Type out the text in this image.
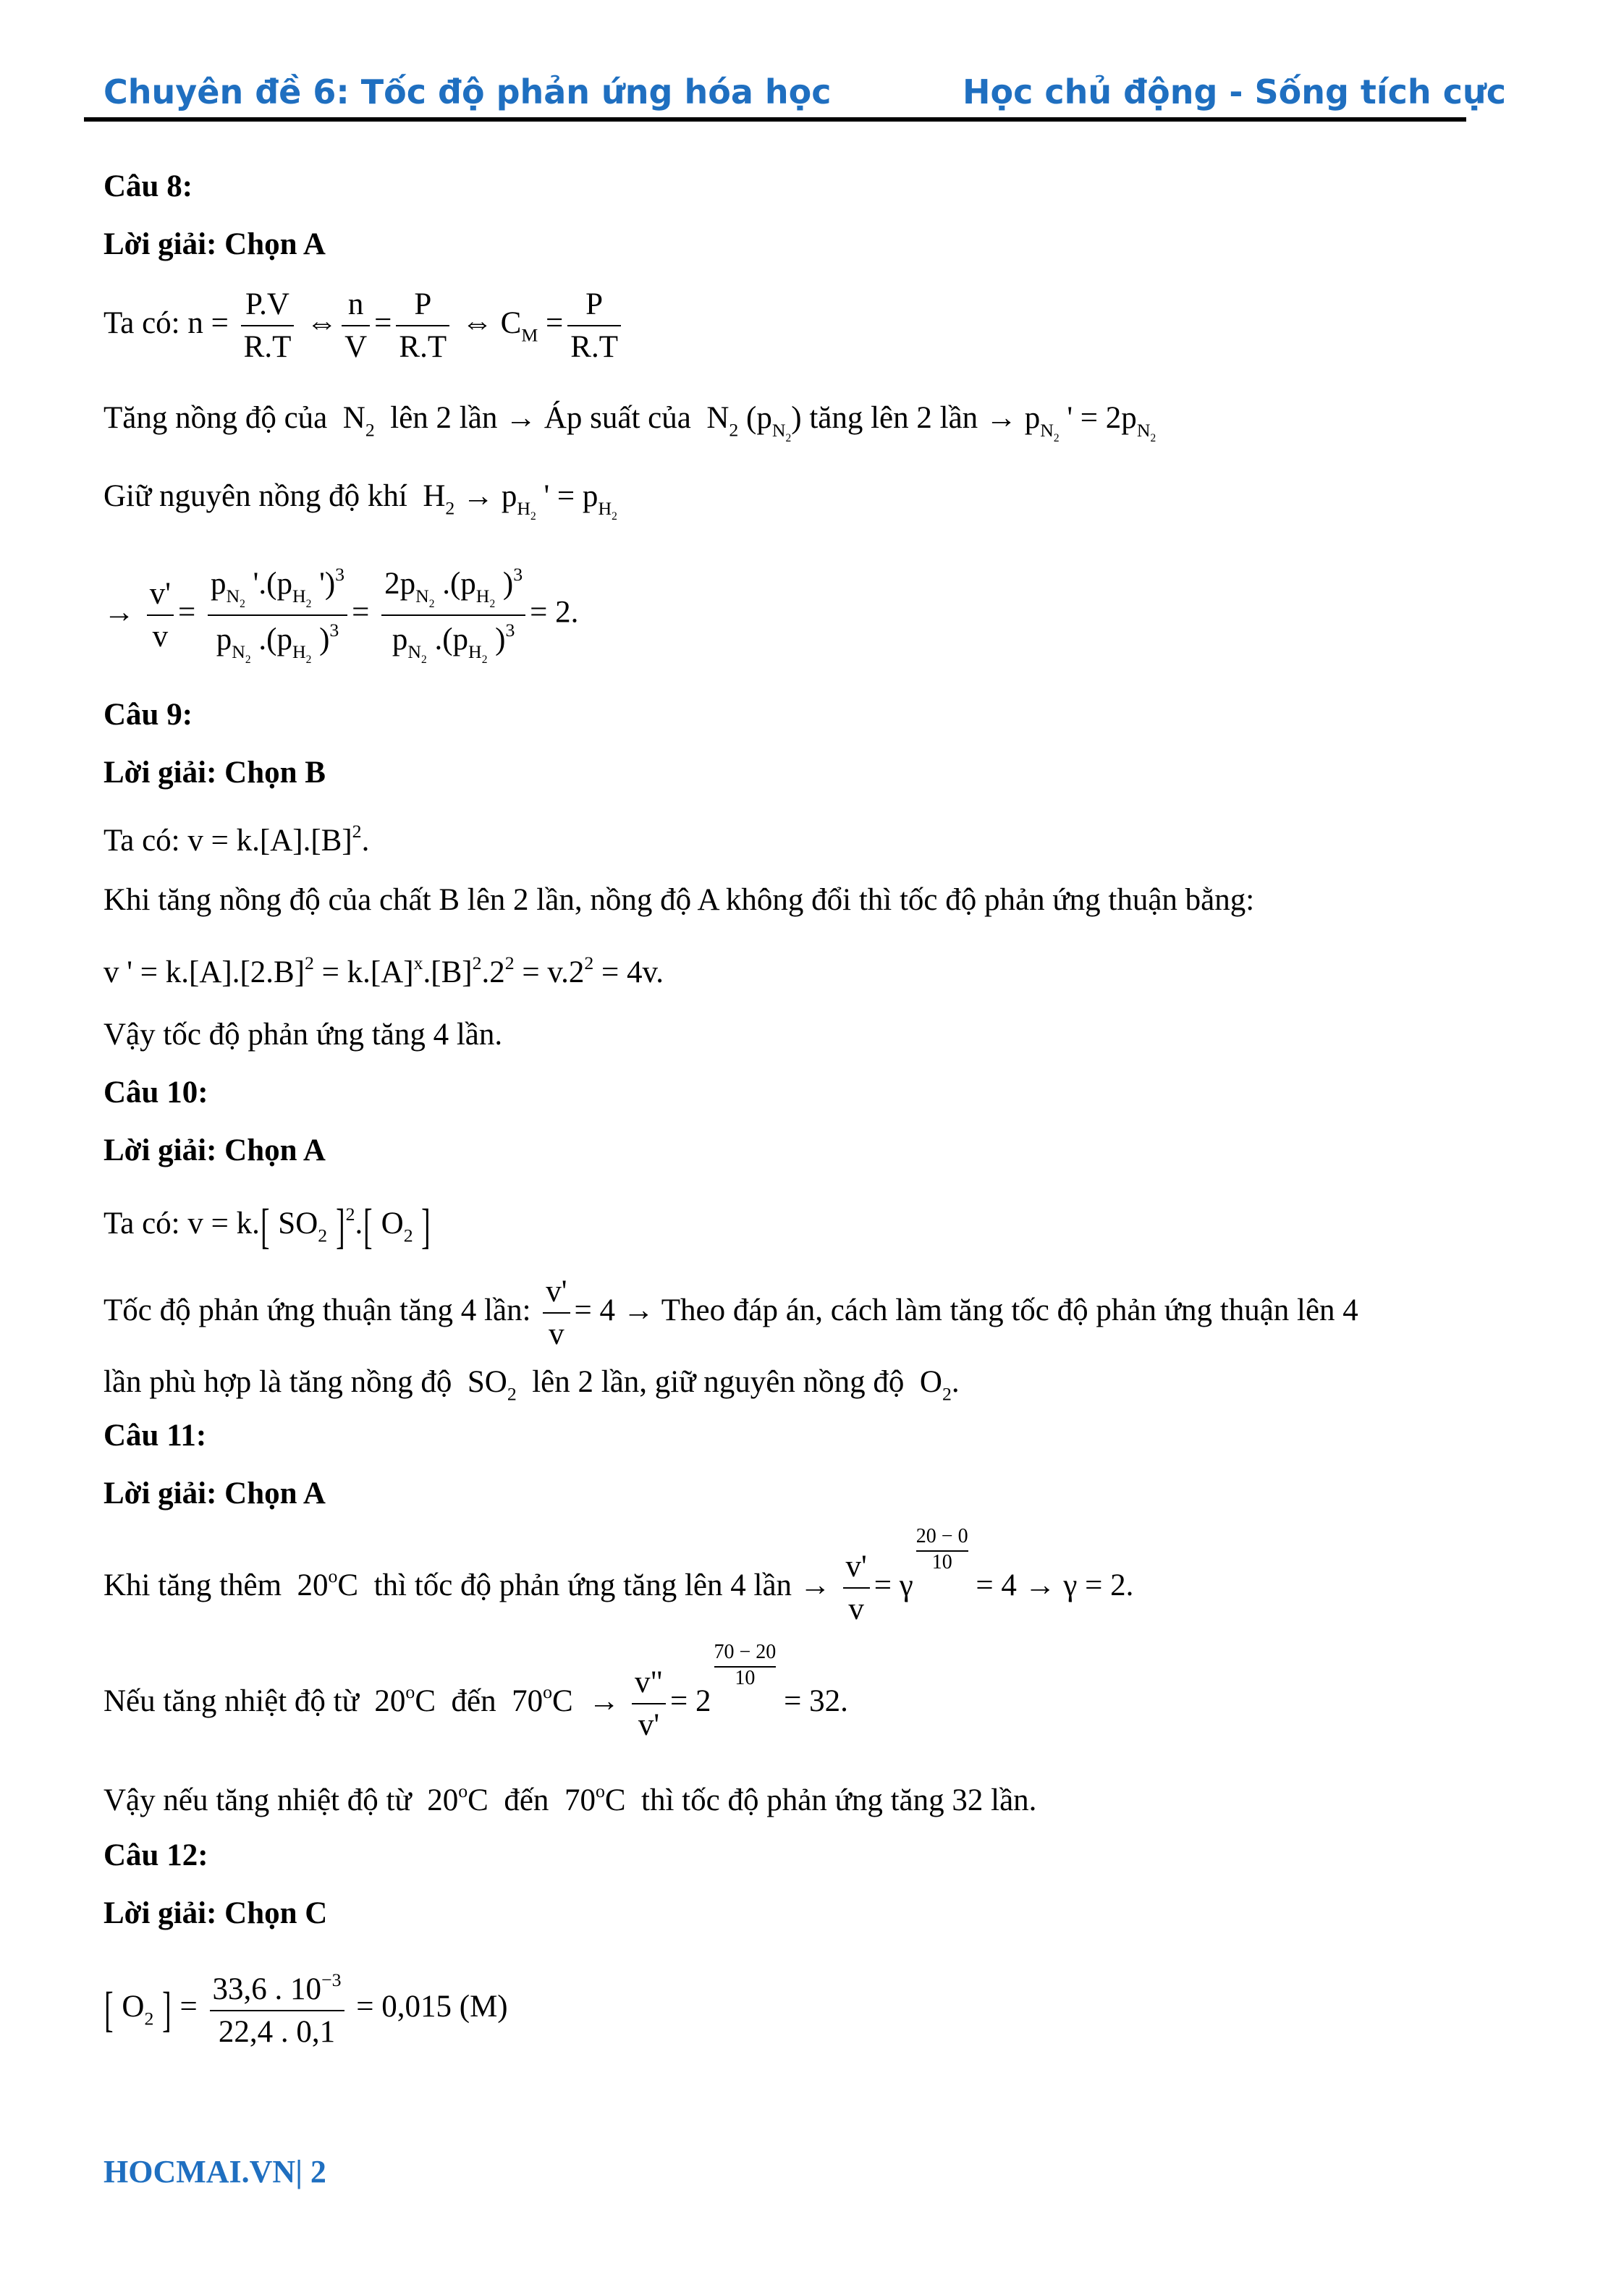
Chuyên đề 6: Tốc độ phản ứng hóa học	Học chủ động - Sống tích cực
Câu 8:
Lời giải: Chọn A
Ta có: $n = \frac{P.V}{R.T}$ ⇔ $\frac{n}{V} = \frac{P}{R.T}$ ⇔ $C_M = \frac{P}{R.T}$
Tăng nồng độ của  $N_2$ lên 2 lần → Áp suất của  $N_2$ $(p_{N_2})$ tăng lên 2 lần → $p_{N_2}$ ' = $2p_{N_2}$
Giữ nguyên nồng độ khí  $H_2 \to p_{H_2}$ ' = $p_{H_2}$
→ $\frac{v'}{v} = \frac{p_{N_2} '.(p_{H_2} ')^3}{p_{N_2} .(p_{H_2} )^3} = \frac{2p_{N_2} .(p_{H_2} )^3}{p_{N_2} .(p_{H_2} )^3} = 2$.
Câu 9:
Lời giải: Chọn B
Ta có: $v = k.[A].[B]^2$.
Khi tăng nồng độ của chất B lên 2 lần, nồng độ A không đổi thì tốc độ phản ứng thuận bằng:
v ' = $k.[A].[2.B]^2 = k.[A]^x.[B]^2.2^2 = v.2^2 = 4v$.
Vậy tốc độ phản ứng tăng 4 lần.
Câu 10:
Lời giải: Chọn A
Ta có: v = k.[ $SO_2$ ]$^2$.[ $O_2$ ]
Tốc độ phản ứng thuận tăng 4 lần: $\frac{v'}{v} = 4$ → Theo đáp án, cách làm tăng tốc độ phản ứng thuận lên 4
lần phù hợp là tăng nồng độ  $SO_2$ lên 2 lần, giữ nguyên nồng độ  $O_2$.
Câu 11:
Lời giải: Chọn A
Khi tăng thêm  20$^o$C  thì tốc độ phản ứng tăng lên 4 lần → $\frac{v'}{v} = \gamma$
$\frac{20 - 0}{10}$
= 4 → γ = 2.
Nếu tăng nhiệt độ từ  20$^o$C  đến  $70^oC \to \frac{v"}{v'} = 2$
$\frac{70 - 20}{10}$
= 32.
Vậy nếu tăng nhiệt độ từ  20$^o$C  đến  70$^o$C  thì tốc độ phản ứng tăng 32 lần.
Câu 12:
Lời giải: Chọn C
[ $O_2$ ] = $\frac{33,6 . 10^{-3}}{22,4 . 0,1} = 0,015$ (M)
HOCMAI.VN| 2
